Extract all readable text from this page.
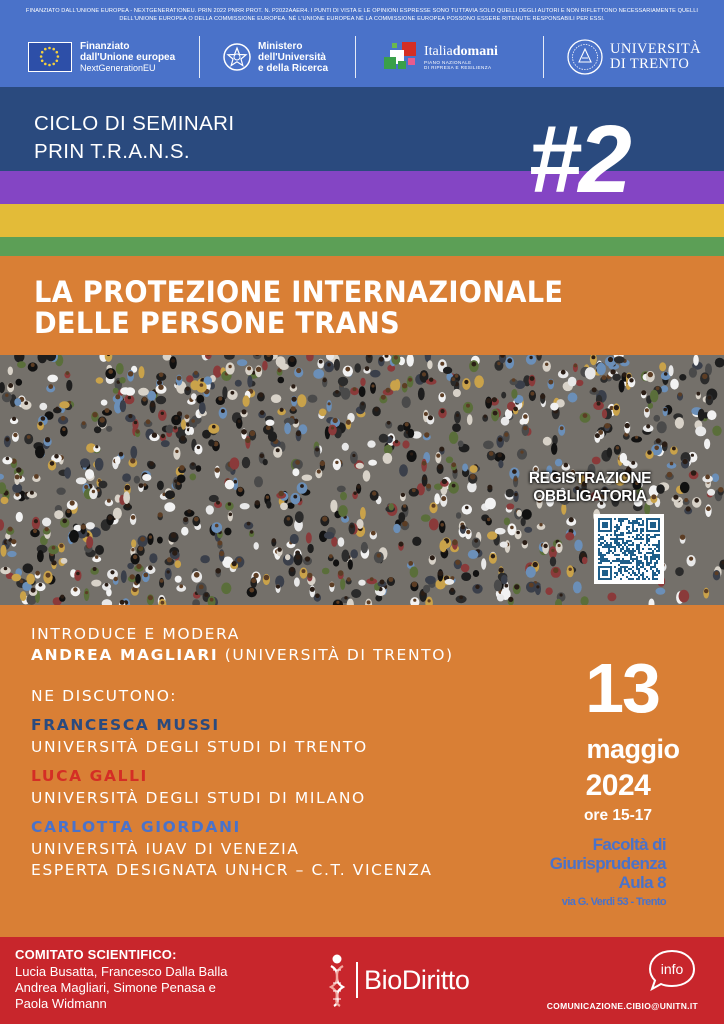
FINANZIATO DALL'UNIONE EUROPEA - NEXTGENERATIONEU. PRIN 2022 PNRR PROT. N. P2022AAER4. I PUNTI DI VISTA E LE OPINIONI ESPRESSE SONO TUTTAVIA SOLO QUELLI DEGLI AUTORI E NON RIFLETTONO NECESSARIAMENTE QUELLI DELL'UNIONE EUROPEA O DELLA COMMISSIONE EUROPEA. NÉ L'UNIONE EUROPEA NÉ LA COMMISSIONE EUROPEA POSSONO ESSERE RITENUTE RESPONSABILI PER ESSI.
Finanziato
dall'Unione europea
NextGenerationEU
Ministero
dell'Università
e della Ricerca
Italiadomani
PIANO NAZIONALE
DI RIPRESA E RESILIENZA
UNIVERSITÀ
DI TRENTO
CICLO DI SEMINARI
PRIN T.R.A.N.S.	#2
LA PROTEZIONE INTERNAZIONALE
DELLE PERSONE TRANS
REGISTRAZIONE
OBBLIGATORIA
INTRODUCE E MODERA
ANDREA MAGLIARI (UNIVERSITÀ DI TRENTO)
NE DISCUTONO:
FRANCESCA MUSSI
UNIVERSITÀ DEGLI STUDI DI TRENTO
LUCA GALLI
UNIVERSITÀ DEGLI STUDI DI MILANO
CARLOTTA GIORDANI
UNIVERSITÀ IUAV DI VENEZIA
ESPERTA DESIGNATA UNHCR – C.T. VICENZA
13
maggio
2024
ore 15-17
Facoltà di
Giurisprudenza
Aula 8
via G. Verdi 53 - Trento
COMITATO SCIENTIFICO:
Lucia Busatta, Francesco Dalla Balla
Andrea Magliari, Simone Penasa e
Paola Widmann
BioDiritto	info
COMUNICAZIONE.CIBIO@UNITN.IT
